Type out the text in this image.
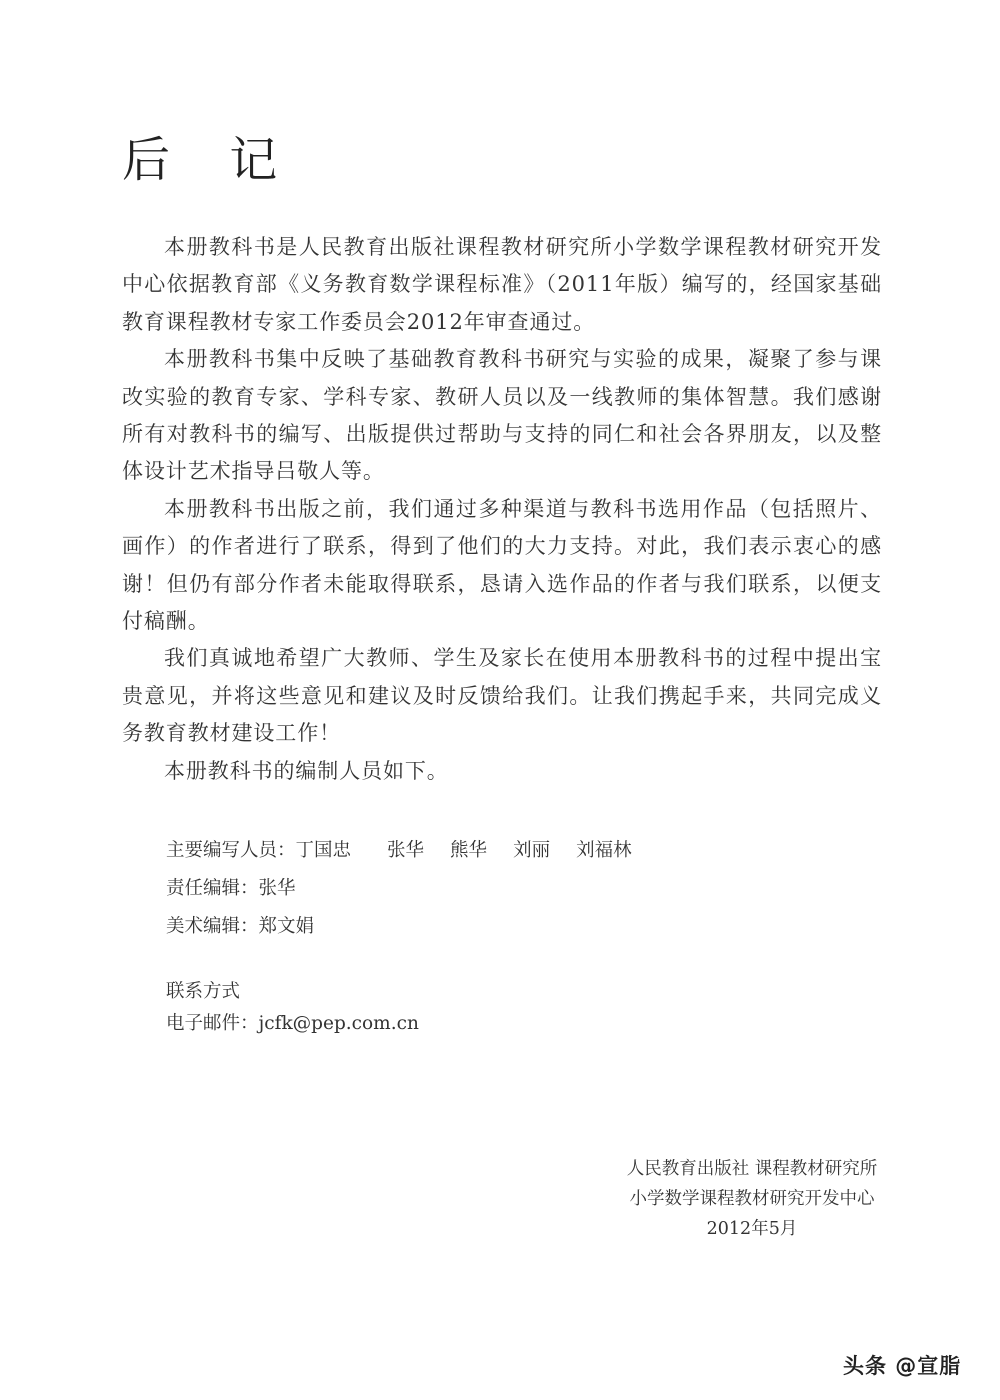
后 记

本册教科书是人民教育出版社课程教材研究所小学数学课程教材研究开发中心依据教育部《义务教育数学课程标准》（2011年版）编写的，经国家基础教育课程教材专家工作委员会2012年审查通过。

本册教科书集中反映了基础教育教科书研究与实验的成果，凝聚了参与课改实验的教育专家、学科专家、教研人员以及一线教师的集体智慧。我们感谢所有对教科书的编写、出版提供过帮助与支持的同仁和社会各界朋友，以及整体设计艺术指导吕敬人等。

本册教科书出版之前，我们通过多种渠道与教科书选用作品（包括照片、画作）的作者进行了联系，得到了他们的大力支持。对此，我们表示衷心的感谢！但仍有部分作者未能取得联系，恳请入选作品的作者与我们联系，以便支付稿酬。

我们真诚地希望广大教师、学生及家长在使用本册教科书的过程中提出宝贵意见，并将这些意见和建议及时反馈给我们。让我们携起手来，共同完成义务教育教材建设工作！

本册教科书的编制人员如下。

主要编写人员：丁国忠 张华 熊华 刘丽 刘福林
责任编辑：张华
美术编辑：郑文娟
联系方式
电子邮件：jcfk@pep.com.cn
人民教育出版社 课程教材研究所
小学数学课程教材研究开发中心
2012年5月
头条 @宣脂
